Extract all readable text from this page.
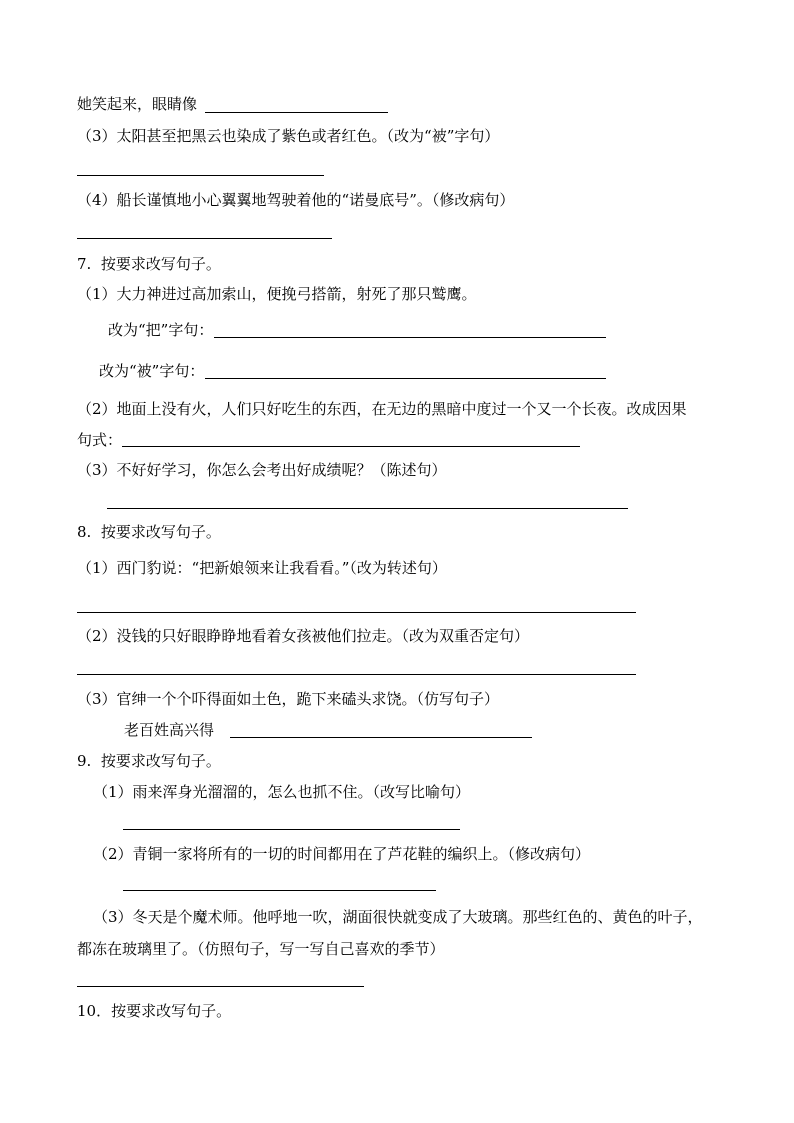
她笑起来，眼睛像
（3）太阳甚至把黑云也染成了紫色或者红色。（改为“被”字句）
（4）船长谨慎地小心翼翼地驾驶着他的“诺曼底号”。（修改病句）
7.  按要求改写句子。
（1）大力神进过高加索山，便挽弓搭箭，射死了那只鹫鹰。
改为“把”字句：
改为“被”字句：
（2）地面上没有火，人们只好吃生的东西，在无边的黑暗中度过一个又一个长夜。改成因果
句式：
（3）不好好学习，你怎么会考出好成绩呢？（陈述句）
8.  按要求改写句子。
（1）西门豹说：“把新娘领来让我看看。”（改为转述句）
（2）没钱的只好眼睁睁地看着女孩被他们拉走。（改为双重否定句）
（3）官绅一个个吓得面如土色，跪下来磕头求饶。（仿写句子）
老百姓高兴得
9.  按要求改写句子。
（1）雨来浑身光溜溜的，怎么也抓不住。（改写比喻句）
（2）青铜一家将所有的一切的时间都用在了芦花鞋的编织上。（修改病句）
（3）冬天是个魔术师。他呼地一吹，湖面很快就变成了大玻璃。那些红色的、黄色的叶子，
都冻在玻璃里了。（仿照句子，写一写自己喜欢的季节）
10．按要求改写句子。
